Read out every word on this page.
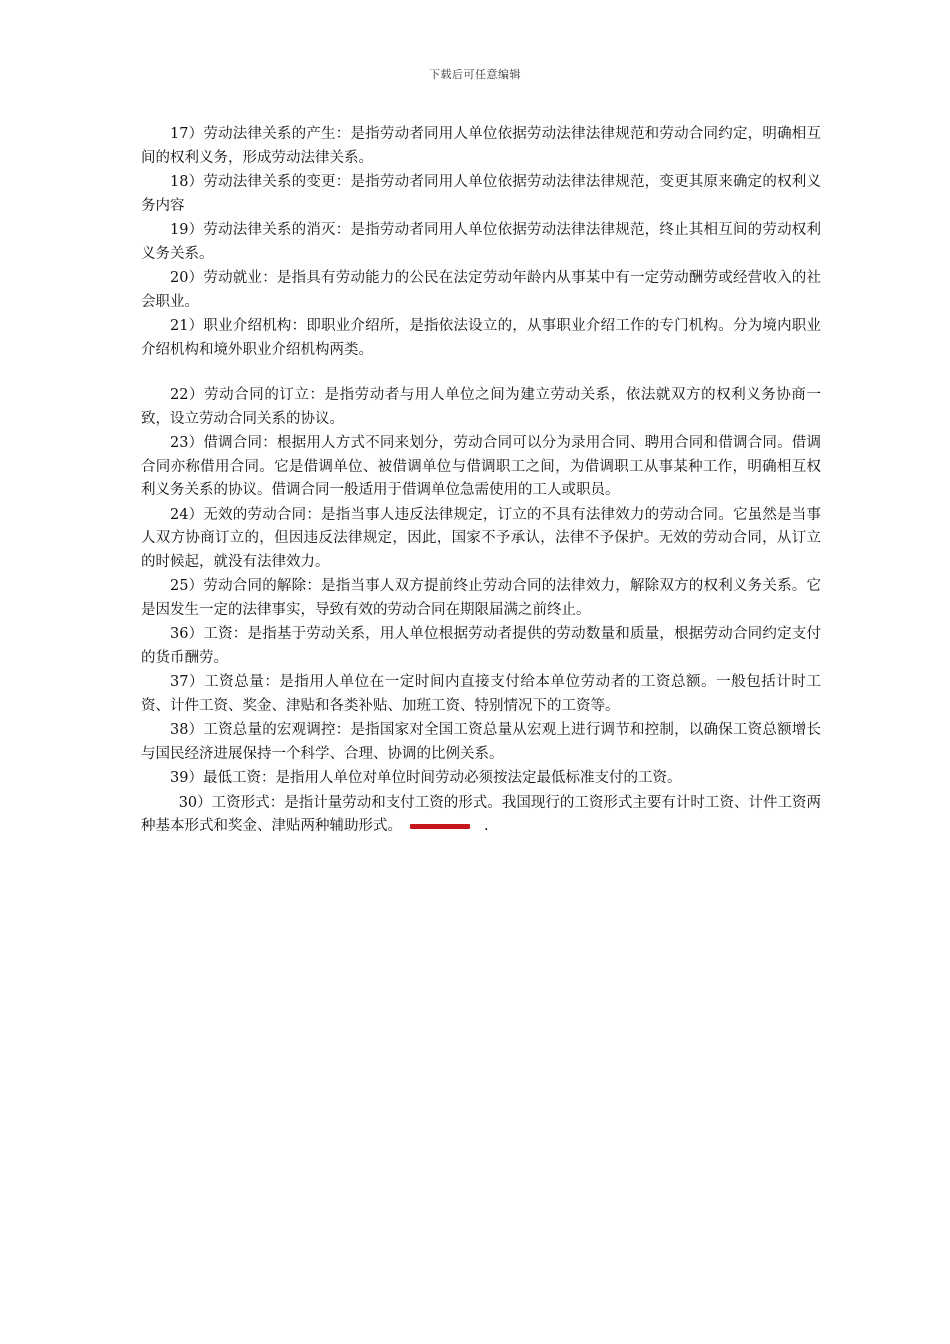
下载后可任意编辑

17）劳动法律关系的产生：是指劳动者同用人单位依据劳动法律法律规范和劳动合同约定，明确相互间的权利义务，形成劳动法律关系。

18）劳动法律关系的变更：是指劳动者同用人单位依据劳动法律法律规范，变更其原来确定的权利义务内容

19）劳动法律关系的消灭：是指劳动者同用人单位依据劳动法律法律规范，终止其相互间的劳动权利义务关系。

20）劳动就业：是指具有劳动能力的公民在法定劳动年龄内从事某中有一定劳动酬劳或经营收入的社会职业。

21）职业介绍机构：即职业介绍所，是指依法设立的，从事职业介绍工作的专门机构。分为境内职业介绍机构和境外职业介绍机构两类。

22）劳动合同的订立：是指劳动者与用人单位之间为建立劳动关系，依法就双方的权利义务协商一致，设立劳动合同关系的协议。

23）借调合同：根据用人方式不同来划分，劳动合同可以分为录用合同、聘用合同和借调合同。借调合同亦称借用合同。它是借调单位、被借调单位与借调职工之间，为借调职工从事某种工作，明确相互权利义务关系的协议。借调合同一般适用于借调单位急需使用的工人或职员。

24）无效的劳动合同：是指当事人违反法律规定，订立的不具有法律效力的劳动合同。它虽然是当事人双方协商订立的，但因违反法律规定，因此，国家不予承认，法律不予保护。无效的劳动合同，从订立的时候起，就没有法律效力。

25）劳动合同的解除：是指当事人双方提前终止劳动合同的法律效力，解除双方的权利义务关系。它是因发生一定的法律事实，导致有效的劳动合同在期限届满之前终止。

36）工资：是指基于劳动关系，用人单位根据劳动者提供的劳动数量和质量，根据劳动合同约定支付的货币酬劳。

37）工资总量：是指用人单位在一定时间内直接支付给本单位劳动者的工资总额。一般包括计时工资、计件工资、奖金、津贴和各类补贴、加班工资、特别情况下的工资等。

38）工资总量的宏观调控：是指国家对全国工资总量从宏观上进行调节和控制，以确保工资总额增长与国民经济进展保持一个科学、合理、协调的比例关系。

39）最低工资：是指用人单位对单位时间劳动必须按法定最低标准支付的工资。

30）工资形式：是指计量劳动和支付工资的形式。我国现行的工资形式主要有计时工资、计件工资两种基本形式和奖金、津贴两种辅助形式。	.
